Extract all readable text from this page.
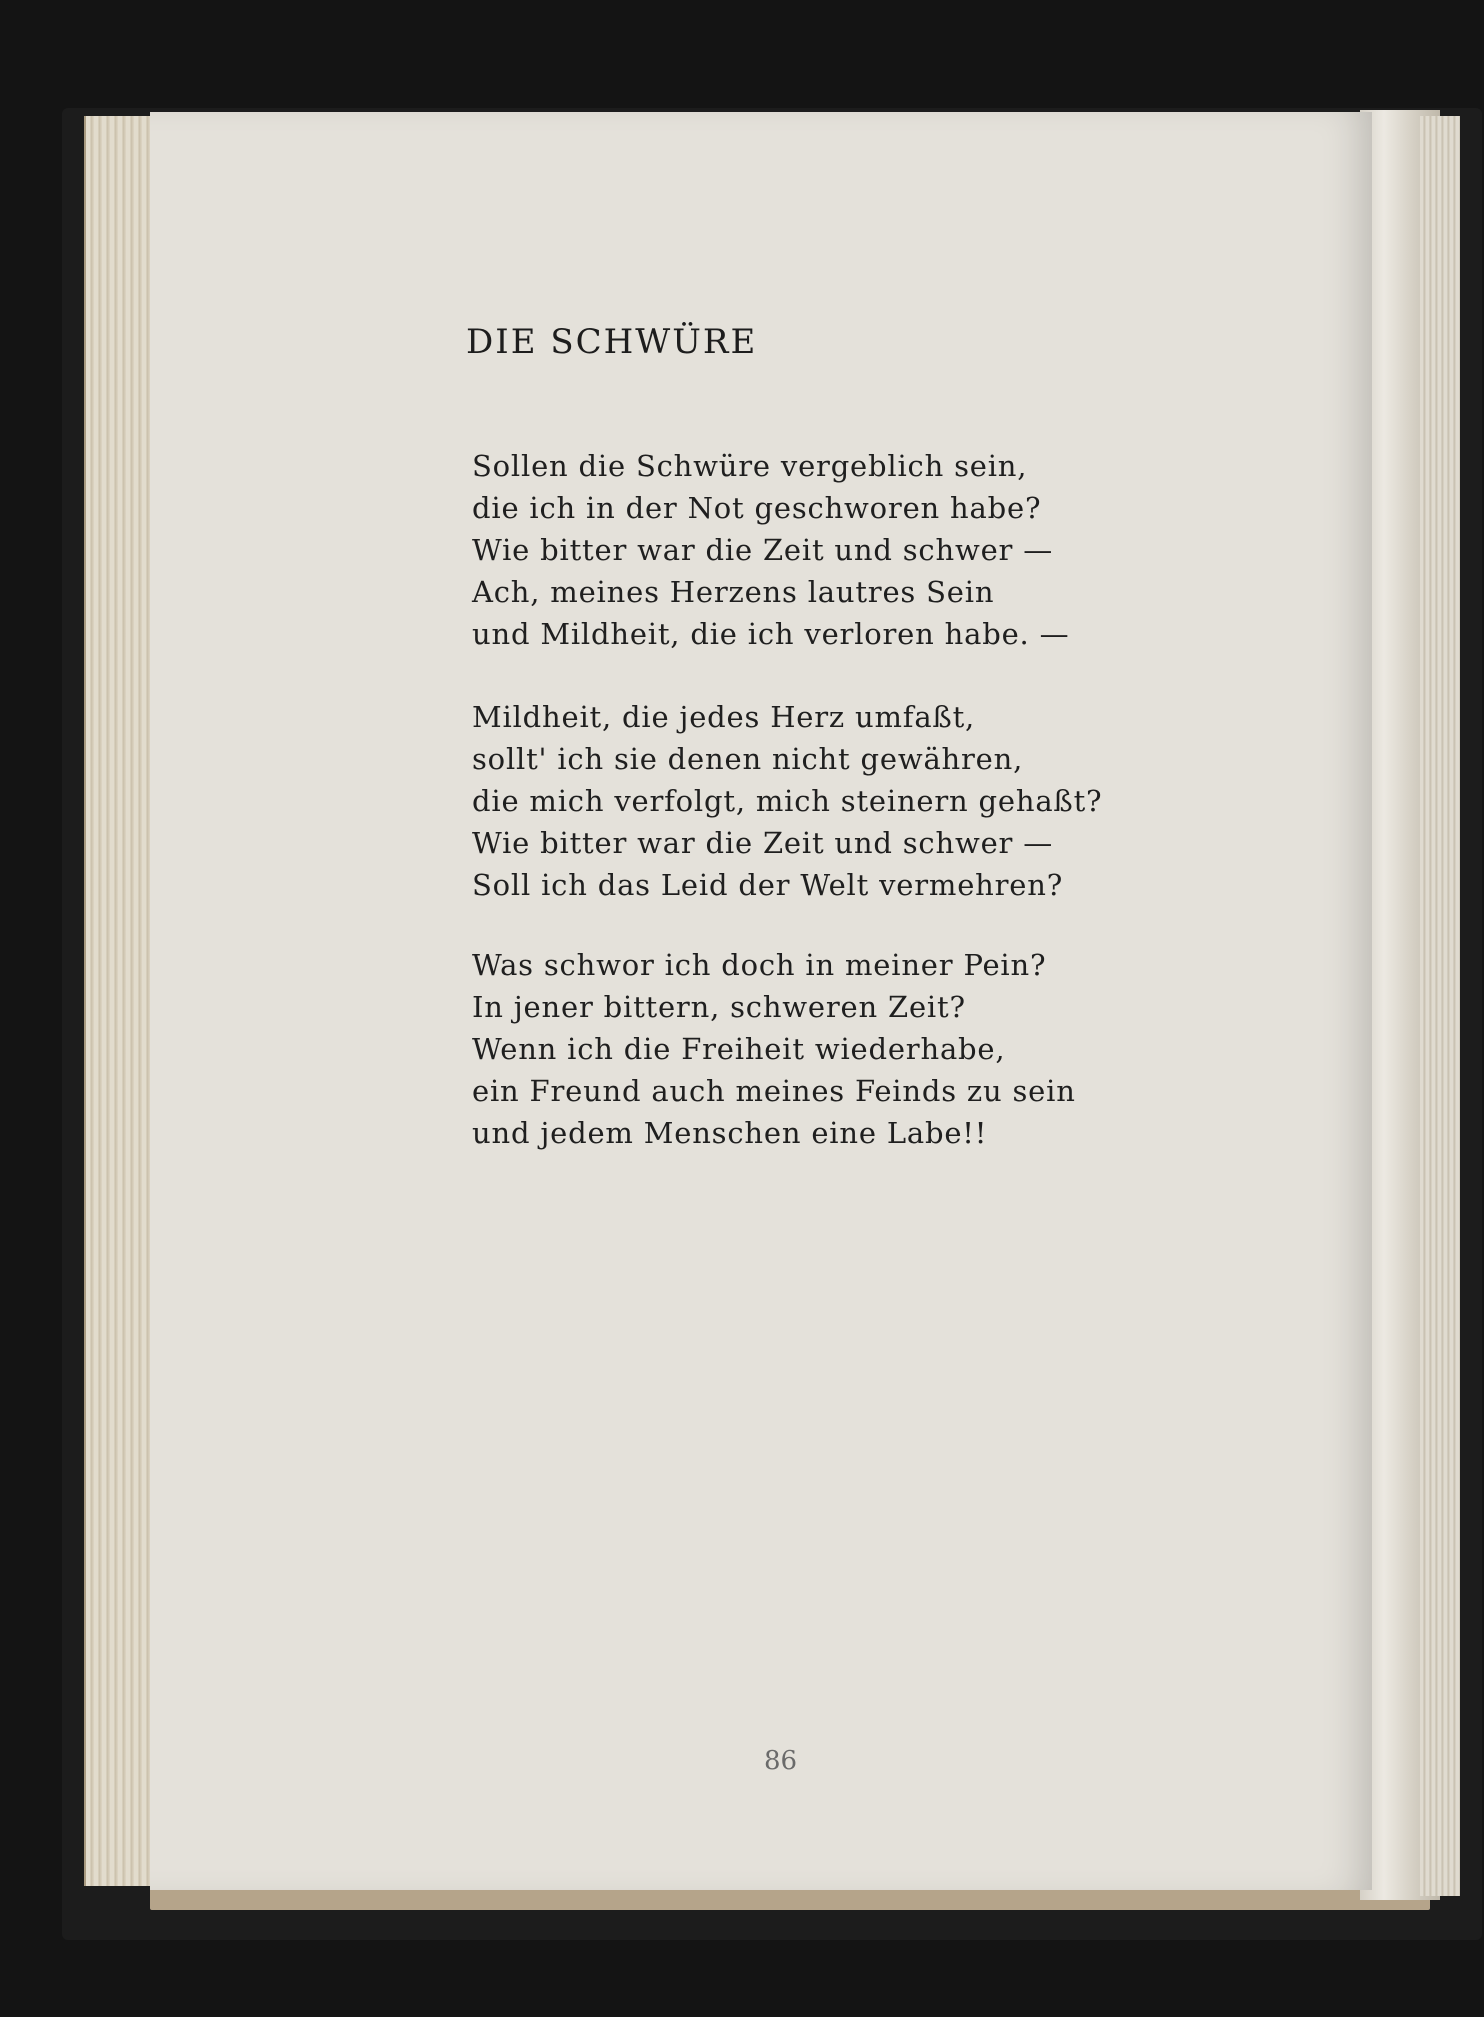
DIE SCHWÜRE

Sollen die Schwüre vergeblich sein,
die ich in der Not geschworen habe?
Wie bitter war die Zeit und schwer —
Ach, meines Herzens lautres Sein
und Mildheit, die ich verloren habe. —

Mildheit, die jedes Herz umfaßt,
sollt' ich sie denen nicht gewähren,
die mich verfolgt, mich steinern gehaßt?
Wie bitter war die Zeit und schwer —
Soll ich das Leid der Welt vermehren?

Was schwor ich doch in meiner Pein?
In jener bittern, schweren Zeit?
Wenn ich die Freiheit wiederhabe,
ein Freund auch meines Feinds zu sein
und jedem Menschen eine Labe!!

86
